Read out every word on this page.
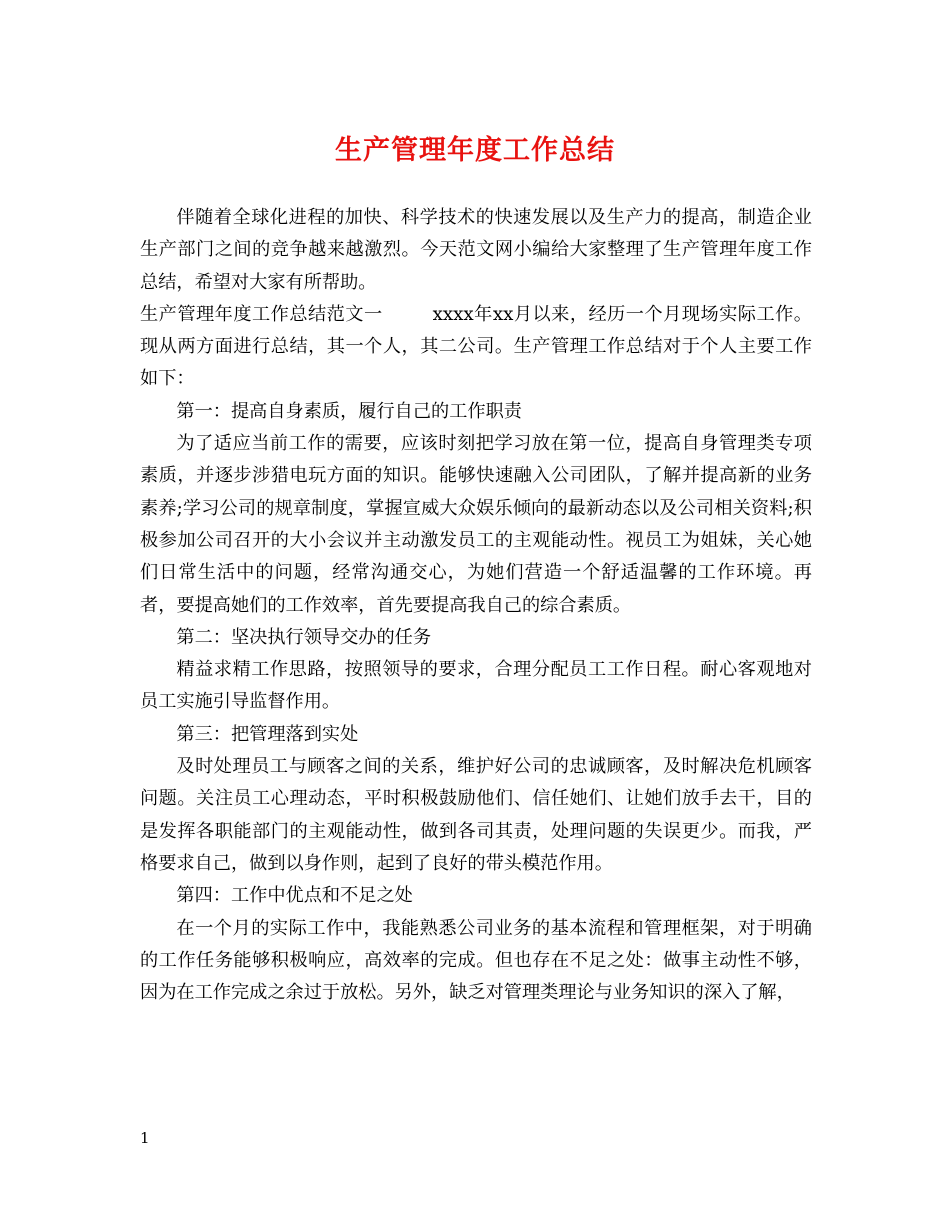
生产管理年度工作总结

伴随着全球化进程的加快、科学技术的快速发展以及生产力的提高，制造企业生产部门之间的竞争越来越激烈。今天范文网小编给大家整理了生产管理年度工作总结，希望对大家有所帮助。

生产管理年度工作总结范文一	xxxx年xx月以来，经历一个月现场实际工作。现从两方面进行总结，其一个人，其二公司。生产管理工作总结对于个人主要工作如下：

第一：提高自身素质，履行自己的工作职责

为了适应当前工作的需要，应该时刻把学习放在第一位，提高自身管理类专项素质，并逐步涉猎电玩方面的知识。能够快速融入公司团队，了解并提高新的业务素养;学习公司的规章制度，掌握宣威大众娱乐倾向的最新动态以及公司相关资料;积极参加公司召开的大小会议并主动激发员工的主观能动性。视员工为姐妹，关心她们日常生活中的问题，经常沟通交心，为她们营造一个舒适温馨的工作环境。再者，要提高她们的工作效率，首先要提高我自己的综合素质。

第二：坚决执行领导交办的任务

精益求精工作思路，按照领导的要求，合理分配员工工作日程。耐心客观地对员工实施引导监督作用。

第三：把管理落到实处

及时处理员工与顾客之间的关系，维护好公司的忠诚顾客，及时解决危机顾客问题。关注员工心理动态，平时积极鼓励他们、信任她们、让她们放手去干，目的是发挥各职能部门的主观能动性，做到各司其责，处理问题的失误更少。而我，严格要求自己，做到以身作则，起到了良好的带头模范作用。

第四：工作中优点和不足之处

在一个月的实际工作中，我能熟悉公司业务的基本流程和管理框架，对于明确的工作任务能够积极响应，高效率的完成。但也存在不足之处：做事主动性不够，因为在工作完成之余过于放松。另外，缺乏对管理类理论与业务知识的深入了解，

1
